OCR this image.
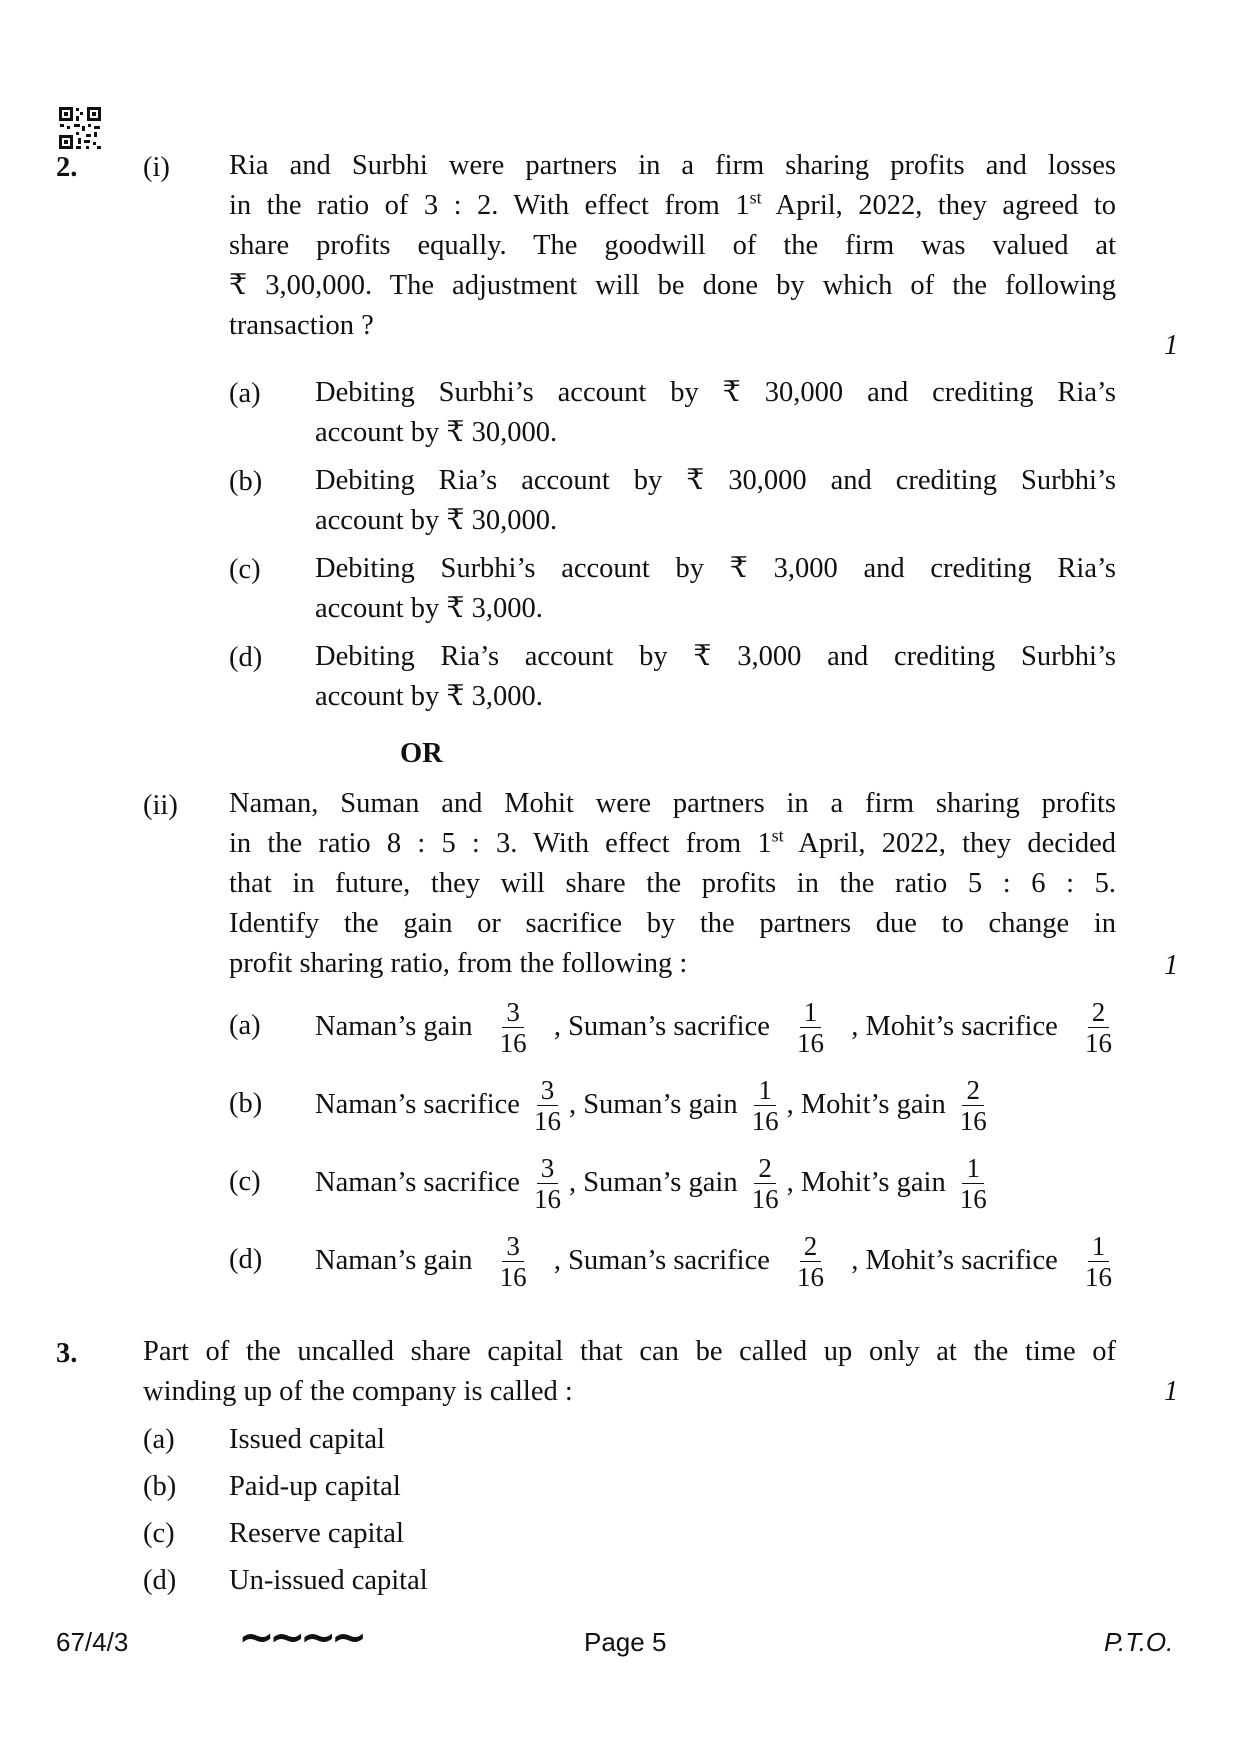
2. (i) Ria and Surbhi were partners in a firm sharing profits and losses
in the ratio of 3 : 2. With effect from 1st April, 2022, they agreed to
share profits equally. The goodwill of the firm was valued at
₹ 3,00,000. The adjustment will be done by which of the following
transaction ?
1
(a) Debiting Surbhi’s account by ₹ 30,000 and crediting Ria’s
account by ₹ 30,000.
(b) Debiting Ria’s account by ₹ 30,000 and crediting Surbhi’s
account by ₹ 30,000.
(c) Debiting Surbhi’s account by ₹ 3,000 and crediting Ria’s
account by ₹ 3,000.
(d) Debiting Ria’s account by ₹ 3,000 and crediting Surbhi’s
account by ₹ 3,000.
OR
(ii) Naman, Suman and Mohit were partners in a firm sharing profits
in the ratio 8 : 5 : 3. With effect from 1st April, 2022, they decided
that in future, they will share the profits in the ratio 5 : 6 : 5.
Identify the gain or sacrifice by the partners due to change in
profit sharing ratio, from the following :	1
(a) Naman’s gain $\frac{3}{16}$ , Suman’s sacrifice $\frac{1}{16}$ , Mohit’s sacrifice $\frac{2}{16}$
(b) Naman’s sacrifice $\frac{3}{16}$ , Suman’s gain $\frac{1}{16}$ , Mohit’s gain $\frac{2}{16}$
(c) Naman’s sacrifice $\frac{3}{16}$ , Suman’s gain $\frac{2}{16}$ , Mohit’s gain $\frac{1}{16}$
(d) Naman’s gain $\frac{3}{16}$ , Suman’s sacrifice $\frac{2}{16}$ , Mohit’s sacrifice $\frac{1}{16}$
3. Part of the uncalled share capital that can be called up only at the time of
winding up of the company is called :	1
(a) Issued capital
(b) Paid-up capital
(c) Reserve capital
(d) Un-issued capital
67/4/3 ~~~~	Page 5	P.T.O.
